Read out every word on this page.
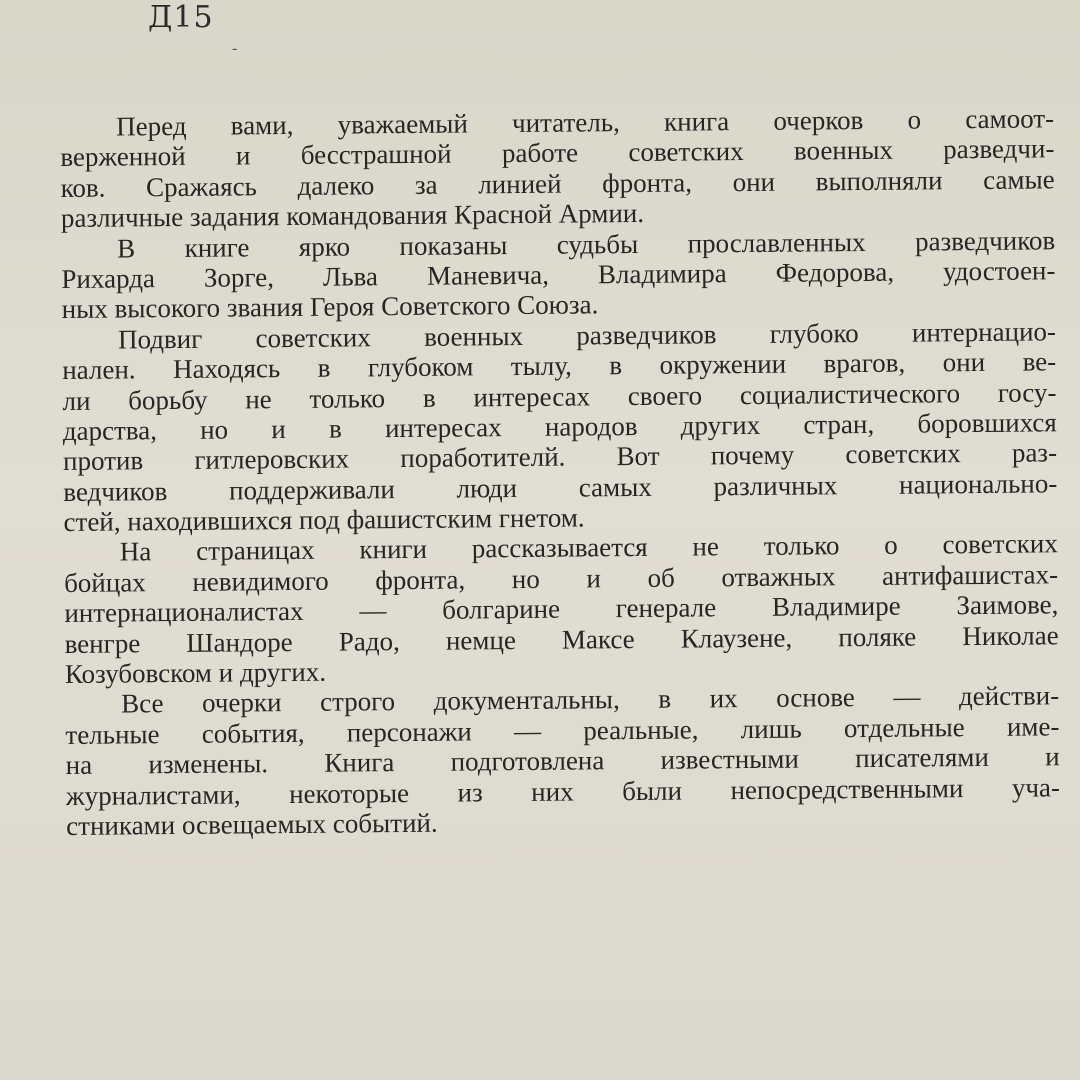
Д15
-
Перед вами, уважаемый читатель, книга очерков о самоот-
верженной и бесстрашной работе советских военных разведчи-
ков. Сражаясь далеко за линией фронта, они выполняли самые
различные задания командования Красной Армии.
В книге ярко показаны судьбы прославленных разведчиков
Рихарда Зорге, Льва Маневича, Владимира Федорова, удостоен-
ных высокого звания Героя Советского Союза.
Подвиг советских военных разведчиков глубоко интернацио-
нален. Находясь в глубоком тылу, в окружении врагов, они ве-
ли борьбу не только в интересах своего социалистического госу-
дарства, но и в интересах народов других стран, боровшихся
против гитлеровских поработителй. Вот почему советских раз-
ведчиков поддерживали люди самых различных национально-
стей, находившихся под фашистским гнетом.
На страницах книги рассказывается не только о советских
бойцах невидимого фронта, но и об отважных антифашистах-
интернационалистах — болгарине генерале Владимире Заимове,
венгре Шандоре Радо, немце Максе Клаузене, поляке Николае
Козубовском и других.
Все очерки строго документальны, в их основе — действи-
тельные события, персонажи — реальные, лишь отдельные име-
на изменены. Книга подготовлена известными писателями и
журналистами, некоторые из них были непосредственными уча-
стниками освещаемых событий.
